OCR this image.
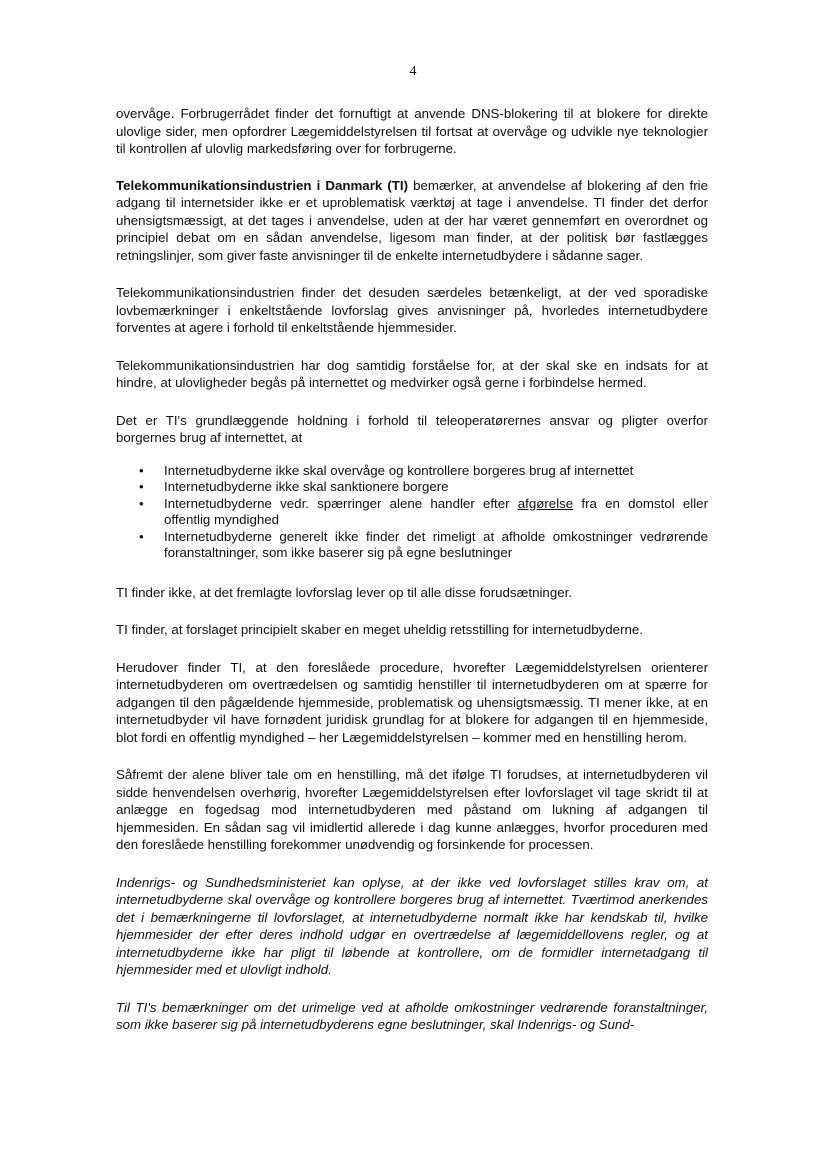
4

overvåge. Forbrugerrådet finder det fornuftigt at anvende DNS-blokering til at blokere for direkte ulovlige sider, men opfordrer Lægemiddelstyrelsen til fortsat at overvåge og udvikle nye teknologier til kontrollen af ulovlig markedsføring over for forbrugerne.

Telekommunikationsindustrien i Danmark (TI) bemærker, at anvendelse af blokering af den frie adgang til internetsider ikke er et uproblematisk værktøj at tage i anvendelse. TI finder det derfor uhensigtsmæssigt, at det tages i anvendelse, uden at der har været gennemført en overordnet og principiel debat om en sådan anvendelse, ligesom man finder, at der politisk bør fastlægges retningslinjer, som giver faste anvisninger til de enkelte internetudbydere i sådanne sager.

Telekommunikationsindustrien finder det desuden særdeles betænkeligt, at der ved sporadiske lovbemærkninger i enkeltstående lovforslag gives anvisninger på, hvorledes internetudbydere forventes at agere i forhold til enkeltstående hjemmesider.

Telekommunikationsindustrien har dog samtidig forståelse for, at der skal ske en indsats for at hindre, at ulovligheder begås på internettet og medvirker også gerne i forbindelse hermed.

Det er TI's grundlæggende holdning i forhold til teleoperatørernes ansvar og pligter overfor borgernes brug af internettet, at

• Internetudbyderne ikke skal overvåge og kontrollere borgeres brug af internettet
• Internetudbyderne ikke skal sanktionere borgere
• Internetudbyderne vedr. spærringer alene handler efter afgørelse fra en domstol eller offentlig myndighed
• Internetudbyderne generelt ikke finder det rimeligt at afholde omkostninger vedrørende foranstaltninger, som ikke baserer sig på egne beslutninger

TI finder ikke, at det fremlagte lovforslag lever op til alle disse forudsætninger.

TI finder, at forslaget principielt skaber en meget uheldig retsstilling for internetudbyderne.

Herudover finder TI, at den foreslåede procedure, hvorefter Lægemiddelstyrelsen orienterer internetudbyderen om overtrædelsen og samtidig henstiller til internetudbyderen om at spærre for adgangen til den pågældende hjemmeside, problematisk og uhensigtsmæssig. TI mener ikke, at en internetudbyder vil have fornødent juridisk grundlag for at blokere for adgangen til en hjemmeside, blot fordi en offentlig myndighed – her Lægemiddelstyrelsen – kommer med en henstilling herom.

Såfremt der alene bliver tale om en henstilling, må det ifølge TI forudses, at internetudbyderen vil sidde henvendelsen overhørig, hvorefter Lægemiddelstyrelsen efter lovforslaget vil tage skridt til at anlægge en fogedsag mod internetudbyderen med påstand om lukning af adgangen til hjemmesiden. En sådan sag vil imidlertid allerede i dag kunne anlægges, hvorfor proceduren med den foreslåede henstilling forekommer unødvendig og forsinkende for processen.

Indenrigs- og Sundhedsministeriet kan oplyse, at der ikke ved lovforslaget stilles krav om, at internetudbyderne skal overvåge og kontrollere borgeres brug af internettet. Tværtimod anerkendes det i bemærkningerne til lovforslaget, at internetudbyderne normalt ikke har kendskab til, hvilke hjemmesider der efter deres indhold udgør en overtrædelse af lægemiddellovens regler, og at internetudbyderne ikke har pligt til løbende at kontrollere, om de formidler internetadgang til hjemmesider med et ulovligt indhold.

Til TI's bemærkninger om det urimelige ved at afholde omkostninger vedrørende foranstaltninger, som ikke baserer sig på internetudbyderens egne beslutninger, skal Indenrigs- og Sund-
